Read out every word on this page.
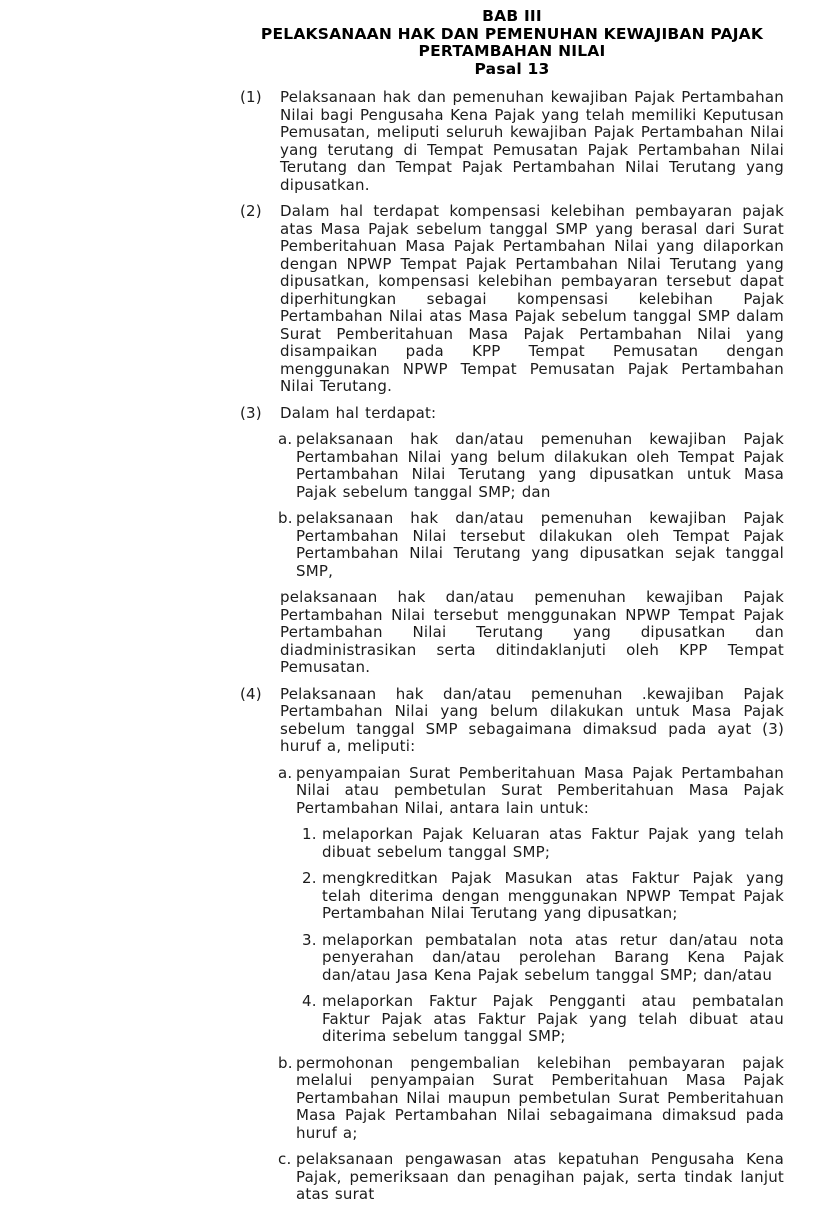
BAB III
PELAKSANAAN HAK DAN PEMENUHAN KEWAJIBAN PAJAK PERTAMBAHAN NILAI
Pasal 13
(1)	Pelaksanaan hak dan pemenuhan kewajiban Pajak Pertambahan Nilai bagi Pengusaha Kena Pajak yang telah memiliki Keputusan Pemusatan, meliputi seluruh kewajiban Pajak Pertambahan Nilai yang terutang di Tempat Pemusatan Pajak Pertambahan Nilai Terutang dan Tempat Pajak Pertambahan Nilai Terutang yang dipusatkan.
(2)	Dalam hal terdapat kompensasi kelebihan pembayaran pajak atas Masa Pajak sebelum tanggal SMP yang berasal dari Surat Pemberitahuan Masa Pajak Pertambahan Nilai yang dilaporkan dengan NPWP Tempat Pajak Pertambahan Nilai Terutang yang dipusatkan, kompensasi kelebihan pembayaran tersebut dapat diperhitungkan sebagai kompensasi kelebihan Pajak Pertambahan Nilai atas Masa Pajak sebelum tanggal SMP dalam Surat Pemberitahuan Masa Pajak Pertambahan Nilai yang disampaikan pada KPP Tempat Pemusatan dengan menggunakan NPWP Tempat Pemusatan Pajak Pertambahan Nilai Terutang.
(3)	Dalam hal terdapat:
a. pelaksanaan hak dan/atau pemenuhan kewajiban Pajak Pertambahan Nilai yang belum dilakukan oleh Tempat Pajak Pertambahan Nilai Terutang yang dipusatkan untuk Masa Pajak sebelum tanggal SMP; dan
b. pelaksanaan hak dan/atau pemenuhan kewajiban Pajak Pertambahan Nilai tersebut dilakukan oleh Tempat Pajak Pertambahan Nilai Terutang yang dipusatkan sejak tanggal SMP,
pelaksanaan hak dan/atau pemenuhan kewajiban Pajak Pertambahan Nilai tersebut menggunakan NPWP Tempat Pajak Pertambahan Nilai Terutang yang dipusatkan dan diadministrasikan serta ditindaklanjuti oleh KPP Tempat Pemusatan.
(4)	Pelaksanaan hak dan/atau pemenuhan .kewajiban Pajak Pertambahan Nilai yang belum dilakukan untuk Masa Pajak sebelum tanggal SMP sebagaimana dimaksud pada ayat (3) huruf a, meliputi:
a. penyampaian Surat Pemberitahuan Masa Pajak Pertambahan Nilai atau pembetulan Surat Pemberitahuan Masa Pajak Pertambahan Nilai, antara lain untuk:
1. melaporkan Pajak Keluaran atas Faktur Pajak yang telah dibuat sebelum tanggal SMP;
2. mengkreditkan Pajak Masukan atas Faktur Pajak yang telah diterima dengan menggunakan NPWP Tempat Pajak Pertambahan Nilai Terutang yang dipusatkan;
3. melaporkan pembatalan nota atas retur dan/atau nota penyerahan dan/atau perolehan Barang Kena Pajak dan/atau Jasa Kena Pajak sebelum tanggal SMP; dan/atau
4. melaporkan Faktur Pajak Pengganti atau pembatalan Faktur Pajak atas Faktur Pajak yang telah dibuat atau diterima sebelum tanggal SMP;
b. permohonan pengembalian kelebihan pembayaran pajak melalui penyampaian Surat Pemberitahuan Masa Pajak Pertambahan Nilai maupun pembetulan Surat Pemberitahuan Masa Pajak Pertambahan Nilai sebagaimana dimaksud pada huruf a;
c. pelaksanaan pengawasan atas kepatuhan Pengusaha Kena Pajak, pemeriksaan dan penagihan pajak, serta tindak lanjut atas surat
